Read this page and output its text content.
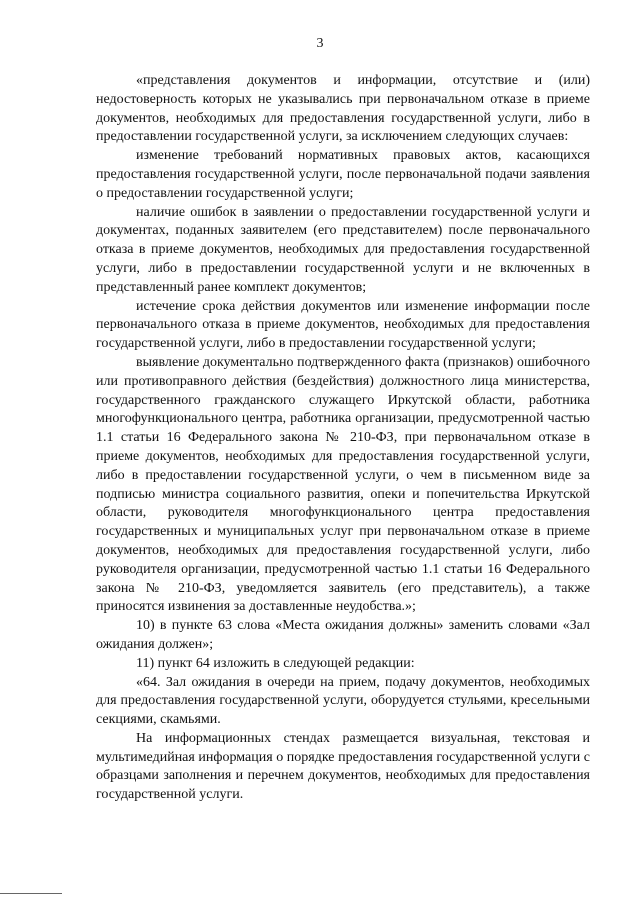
3

«представления документов и информации, отсутствие и (или) недостоверность которых не указывались при первоначальном отказе в приеме документов, необходимых для предоставления государственной услуги, либо в предоставлении государственной услуги, за исключением следующих случаев:

изменение требований нормативных правовых актов, касающихся предоставления государственной услуги, после первоначальной подачи заявления о предоставлении государственной услуги;

наличие ошибок в заявлении о предоставлении государственной услуги и документах, поданных заявителем (его представителем) после первоначального отказа в приеме документов, необходимых для предоставления государственной услуги, либо в предоставлении государственной услуги и не включенных в представленный ранее комплект документов;

истечение срока действия документов или изменение информации после первоначального отказа в приеме документов, необходимых для предоставления государственной услуги, либо в предоставлении государственной услуги;

выявление документально подтвержденного факта (признаков) ошибочного или противоправного действия (бездействия) должностного лица министерства, государственного гражданского служащего Иркутской области, работника многофункционального центра, работника организации, предусмотренной частью 1.1 статьи 16 Федерального закона № 210-ФЗ, при первоначальном отказе в приеме документов, необходимых для предоставления государственной услуги, либо в предоставлении государственной услуги, о чем в письменном виде за подписью министра социального развития, опеки и попечительства Иркутской области, руководителя многофункционального центра предоставления государственных и муниципальных услуг при первоначальном отказе в приеме документов, необходимых для предоставления государственной услуги, либо руководителя организации, предусмотренной частью 1.1 статьи 16 Федерального закона № 210-ФЗ, уведомляется заявитель (его представитель), а также приносятся извинения за доставленные неудобства.»;

10) в пункте 63 слова «Места ожидания должны» заменить словами «Зал ожидания должен»;

11) пункт 64 изложить в следующей редакции:

«64. Зал ожидания в очереди на прием, подачу документов, необходимых для предоставления государственной услуги, оборудуется стульями, кресельными секциями, скамьями.

На информационных стендах размещается визуальная, текстовая и мультимедийная информация о порядке предоставления государственной услуги с образцами заполнения и перечнем документов, необходимых для предоставления государственной услуги.
